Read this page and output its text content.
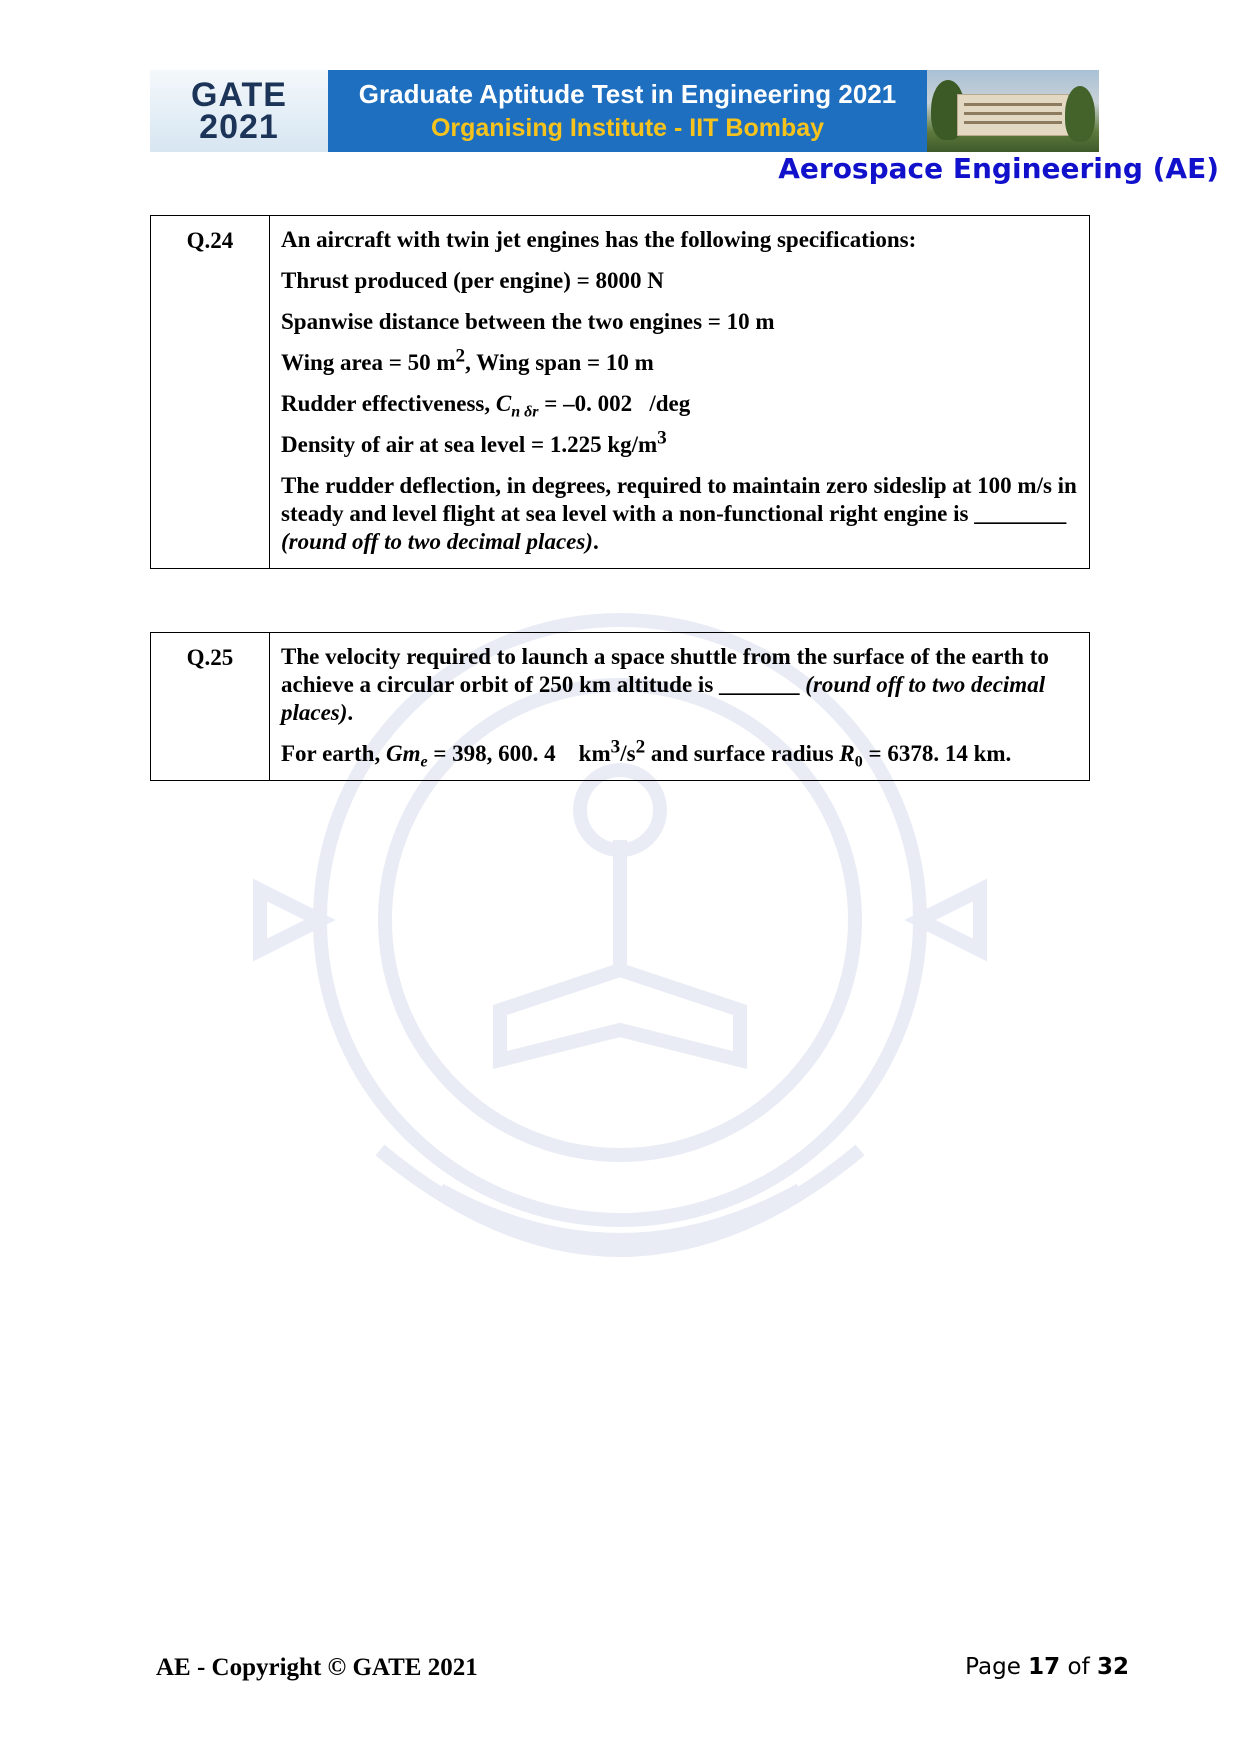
GATE
2021
Graduate Aptitude Test in Engineering 2021
Organising Institute - IIT Bombay
Aerospace Engineering (AE)
Q.24	An aircraft with twin jet engines has the following specifications:
Thrust produced (per engine) = 8000 N
Spanwise distance between the two engines = 10 m
Wing area = 50 $m^2$, Wing span = 10 m
Rudder effectiveness, $C_{n \delta r} = -0$. 002   /deg
Density of air at sea level = 1.225 $kg/m^3$
The rudder deflection, in degrees, required to maintain zero sideslip at 100 m/s in steady and level flight at sea level with a non-functional right engine is ________ (round off to two decimal places).
Q.25	The velocity required to launch a space shuttle from the surface of the earth to achieve a circular orbit of 250 km altitude is _______ (round off to two decimal places).
For earth, $Gm_e = 398$, 600. 4    $km^3/s^2$ and surface radius $R_0 = 6378$. 14 km.
AE - Copyright © GATE 2021	Page 17 of 32
